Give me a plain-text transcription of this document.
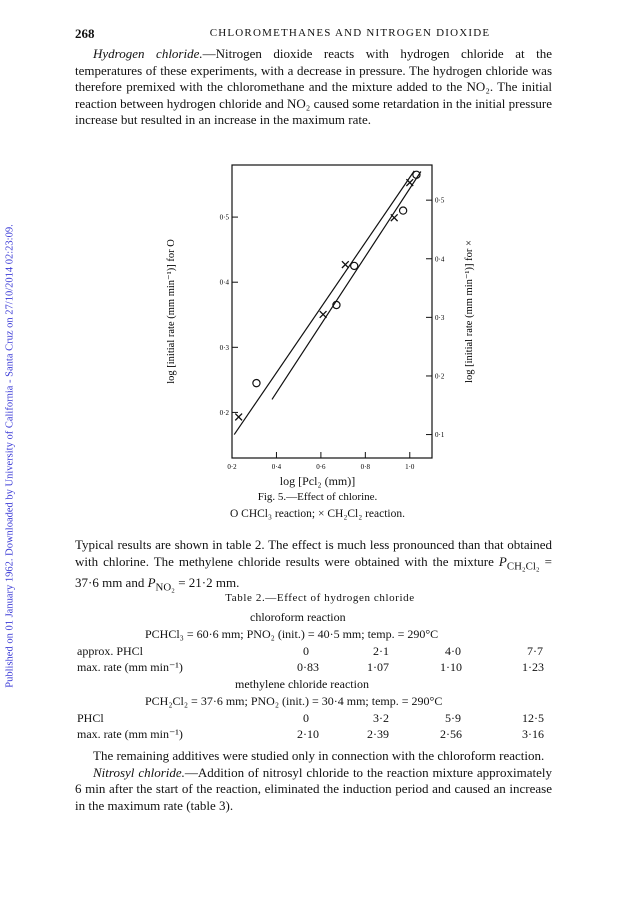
Published on 01 January 1962. Downloaded by University of California - Santa Cruz on 27/10/2014 02:23:09.
268	CHLOROMETHANES AND NITROGEN DIOXIDE
Hydrogen chloride.—Nitrogen dioxide reacts with hydrogen chloride at the temperatures of these experiments, with a decrease in pressure. The hydrogen chloride was therefore premixed with the chloromethane and the mixture added to the NO₂. The initial reaction between hydrogen chloride and NO₂ caused some retardation in the initial pressure increase but resulted in an increase in the maximum rate.
0·2	0·4	0·6	0·8	1·0
0·2
0·3
0·4
0·5
0·1
0·2
0·3
0·4
0·5
log [initial rate (mm min⁻¹)] for O	log [initial rate (mm min⁻¹)] for ×
log [Pcl₂ (mm)]
Fig. 5.—Effect of chlorine.
O CHCl₃ reaction; × CH₂Cl₂ reaction.
Typical results are shown in table 2. The effect is much less pronounced than that obtained with chlorine. The methylene chloride results were obtained with the mixture $P_{CH_2Cl_2} = 37\cdot 6$ mm and $P_{NO_2} = 21\cdot 2$ mm.
Table 2.—Effect of hydrogen chloride
chloroform reaction
PCHCl₃ = 60·6 mm; PNO₂ (init.) = 40·5 mm; temp. = 290°C
approx. PHCl	0	2·1	4·0	7·7
max. rate (mm min⁻¹)	0·83	1·07	1·10	1·23
methylene chloride reaction
PCH₂Cl₂ = 37·6 mm; PNO₂ (init.) = 30·4 mm; temp. = 290°C
PHCl	0	3·2	5·9	12·5
max. rate (mm min⁻¹)	2·10	2·39	2·56	3·16
The remaining additives were studied only in connection with the chloroform reaction.
Nitrosyl chloride.—Addition of nitrosyl chloride to the reaction mixture approximately 6 min after the start of the reaction, eliminated the induction period and caused an increase in the maximum rate (table 3).
